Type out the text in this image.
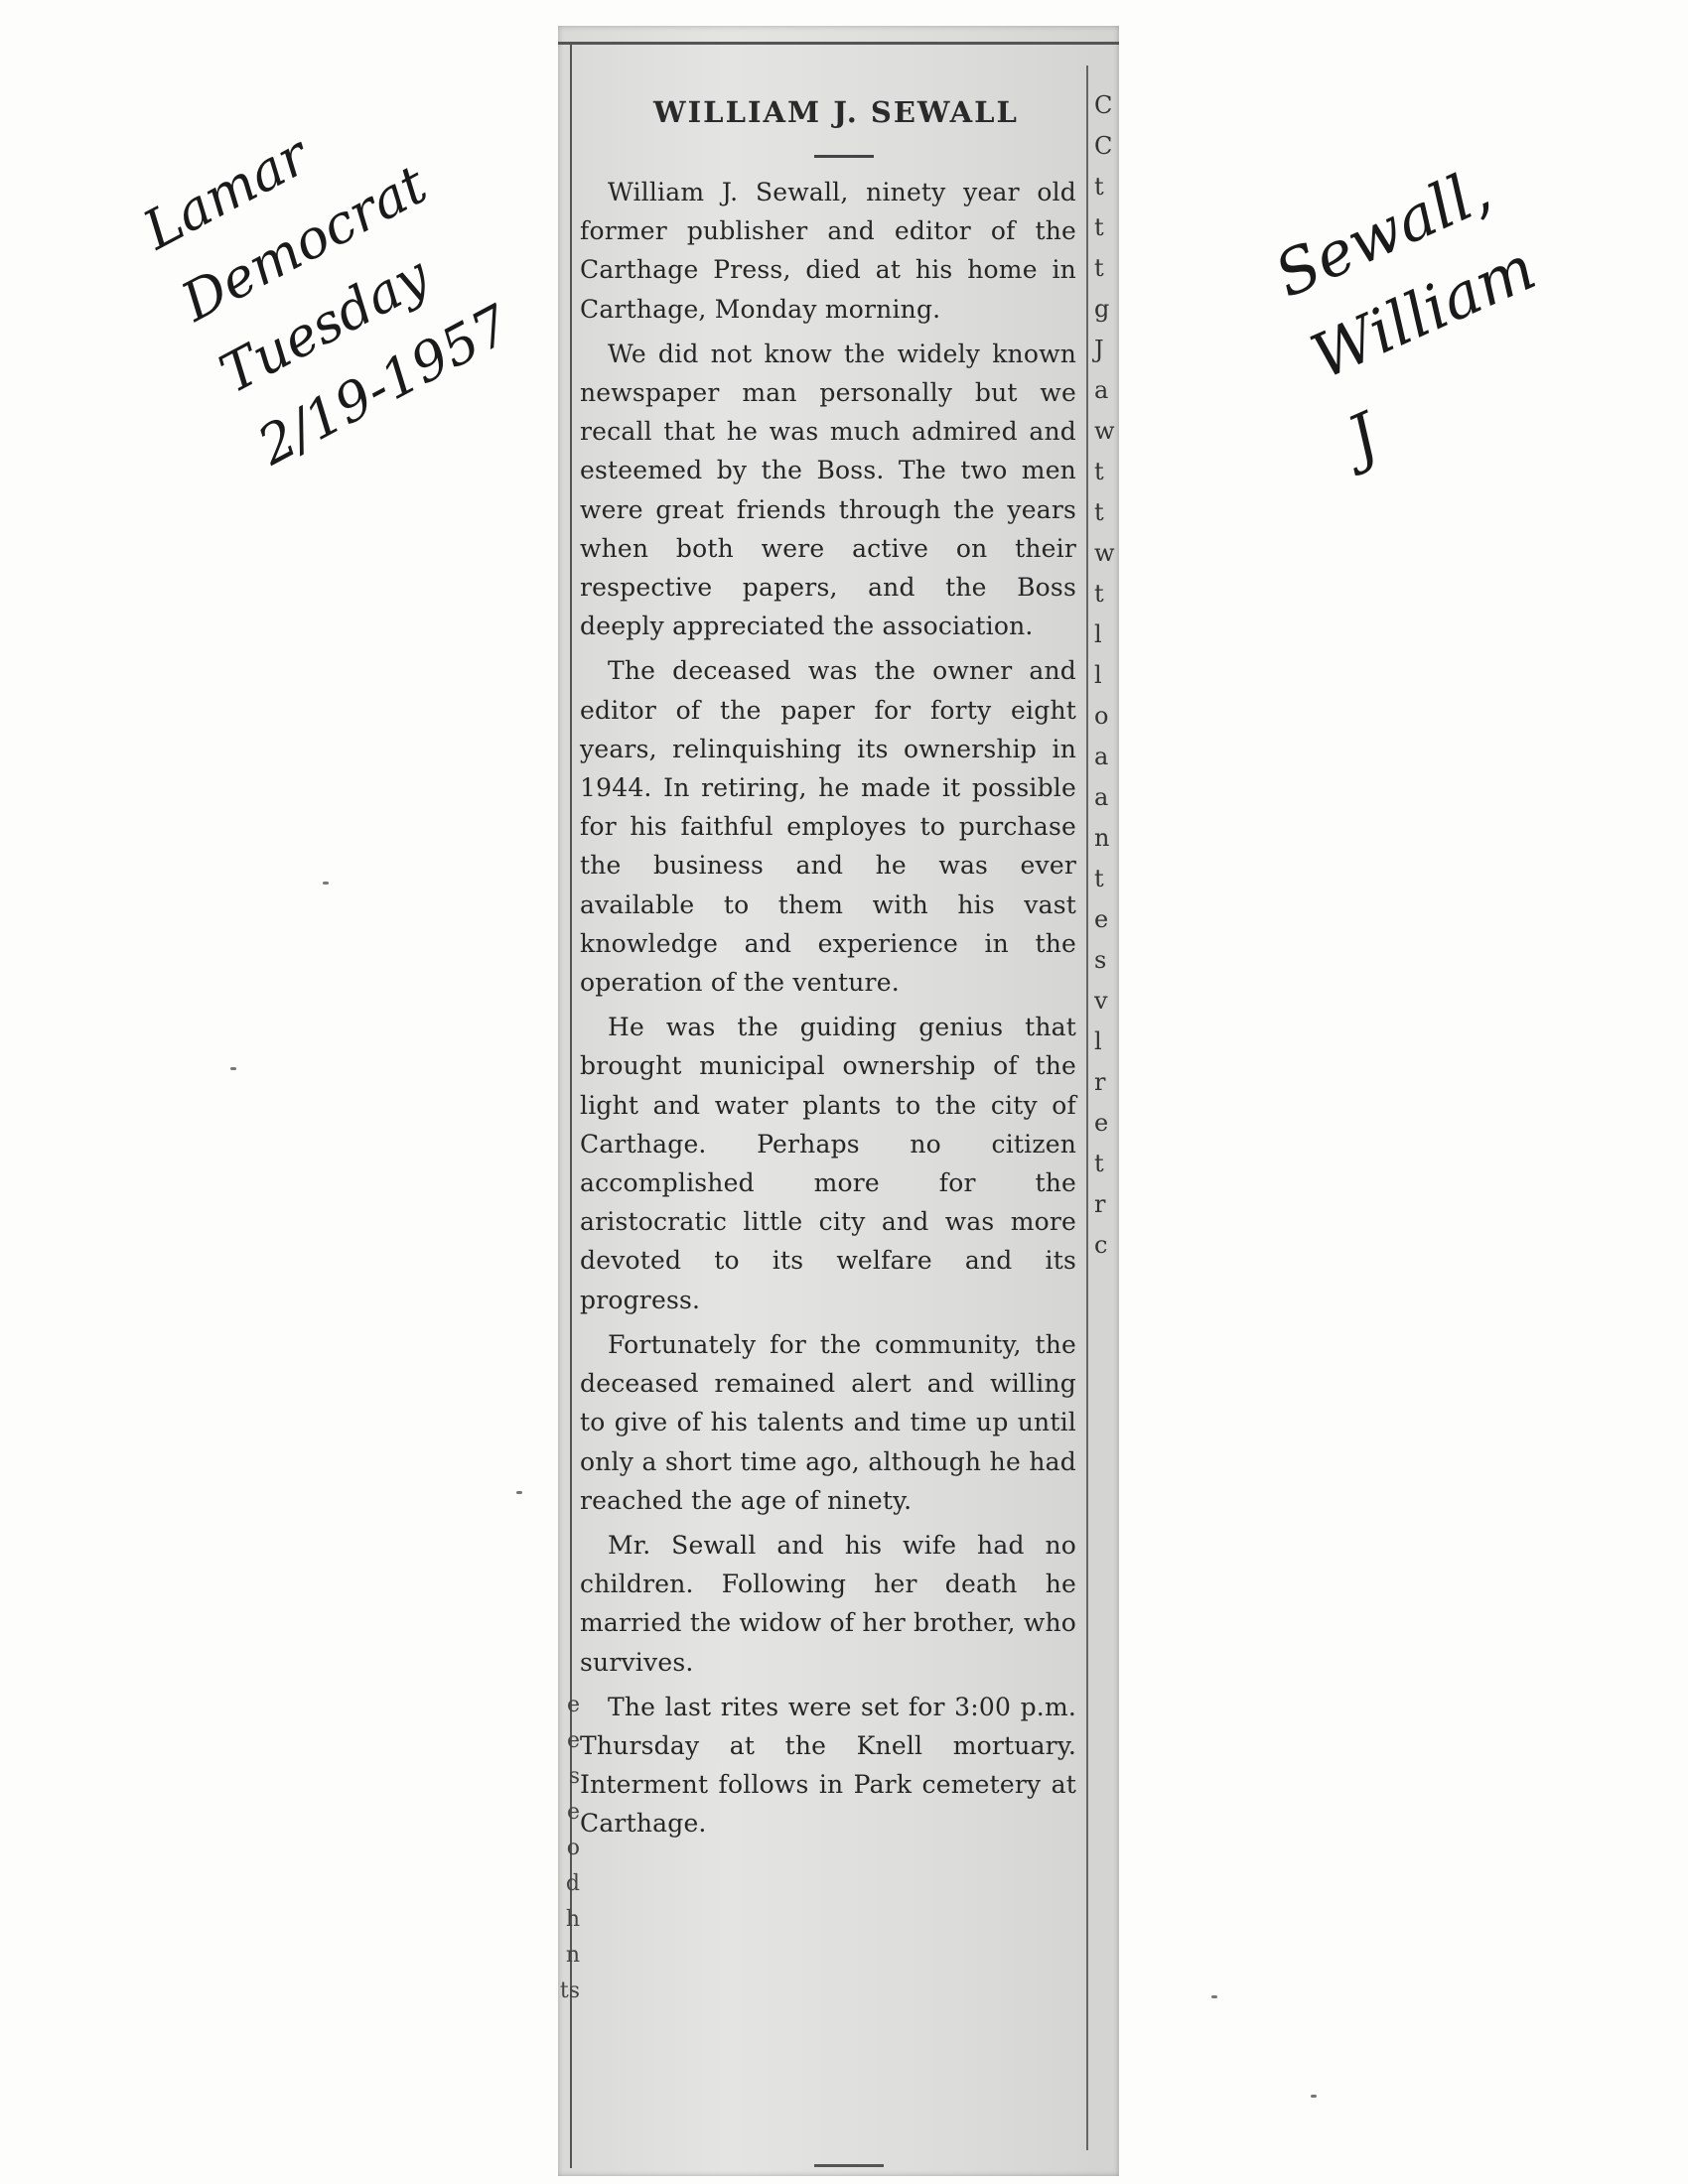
WILLIAM J. SEWALL

William J. Sewall, ninety year old former publisher and editor of the Carthage Press, died at his home in Carthage, Monday morning.

We did not know the widely known newspaper man personally but we recall that he was much admired and esteemed by the Boss. The two men were great friends through the years when both were active on their respective papers, and the Boss deeply appreciated the association.

The deceased was the owner and editor of the paper for forty eight years, relinquishing its ownership in 1944. In retiring, he made it possible for his faithful employes to purchase the business and he was ever available to them with his vast knowledge and experience in the operation of the venture.

He was the guiding genius that brought municipal ownership of the light and water plants to the city of Carthage. Perhaps no citizen accomplished more for the aristocratic little city and was more devoted to its welfare and its progress.

Fortunately for the community, the deceased remained alert and willing to give of his talents and time up until only a short time ago, although he had reached the age of ninety.

Mr. Sewall and his wife had no children. Following her death he married the widow of her brother, who survives.

The last rites were set for 3:00 p.m. Thursday at the Knell mortuary. Interment follows in Park cemetery at Carthage.

C
C
t
t
t
g
J
a
w
t
t
w
t
l
l
o
a
a
n
t
e
s
v
l
r
e
t
r
c
e
e
s
e
o
d
h
n
ts
Lamar
Democrat
Tuesday
2/19-1957
Sewall,
William
J
